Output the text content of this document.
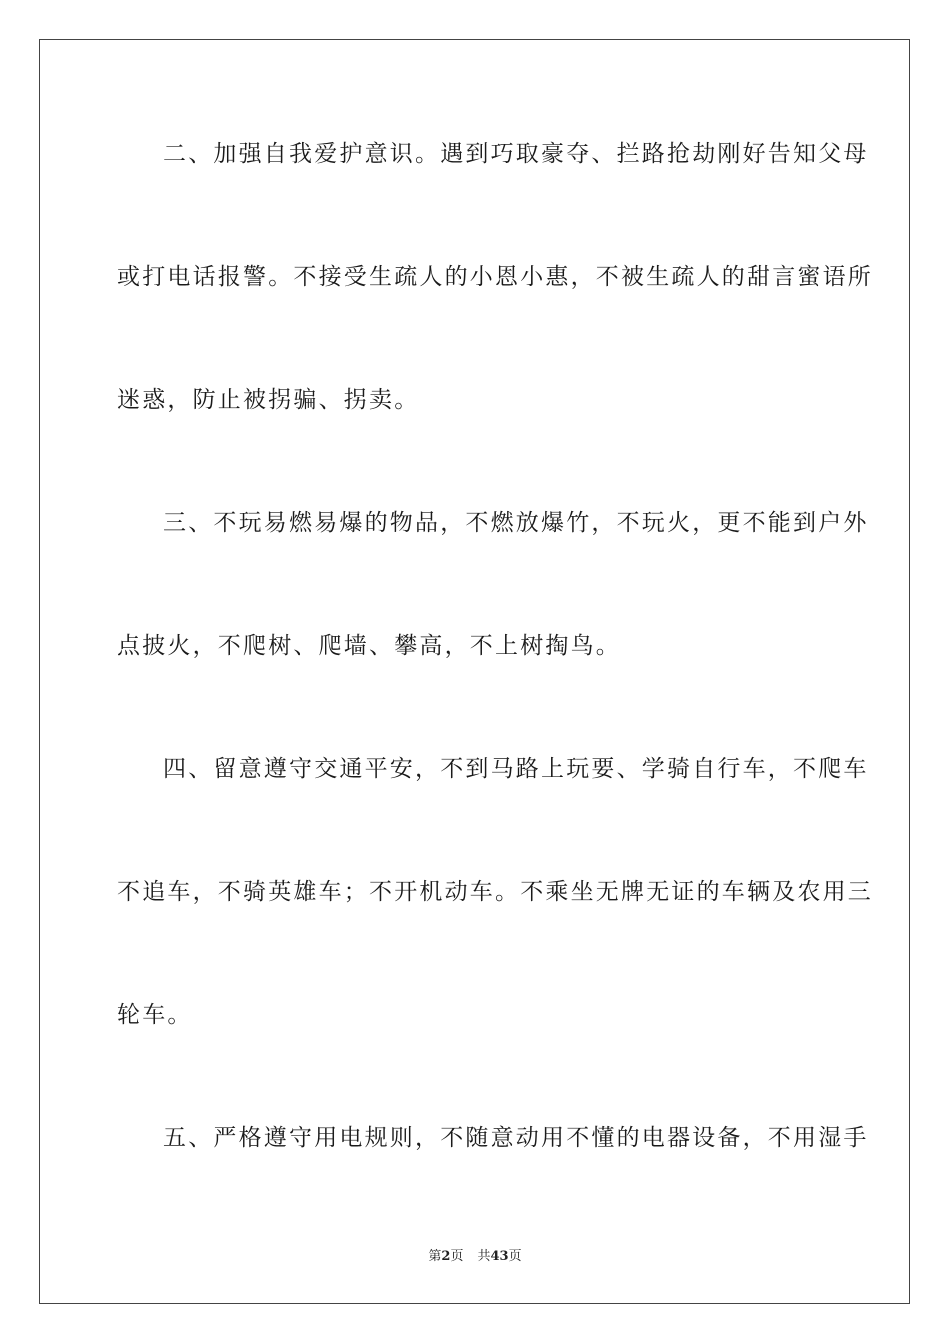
二、加强自我爱护意识。遇到巧取豪夺、拦路抢劫刚好告知父母
或打电话报警。不接受生疏人的小恩小惠，不被生疏人的甜言蜜语所
迷惑，防止被拐骗、拐卖。
三、不玩易燃易爆的物品，不燃放爆竹，不玩火，更不能到户外
点披火，不爬树、爬墙、攀高，不上树掏鸟。
四、留意遵守交通平安，不到马路上玩要、学骑自行车，不爬车
不追车，不骑英雄车；不开机动车。不乘坐无牌无证的车辆及农用三
轮车。
五、严格遵守用电规则，不随意动用不懂的电器设备，不用湿手
第2页 共43页
